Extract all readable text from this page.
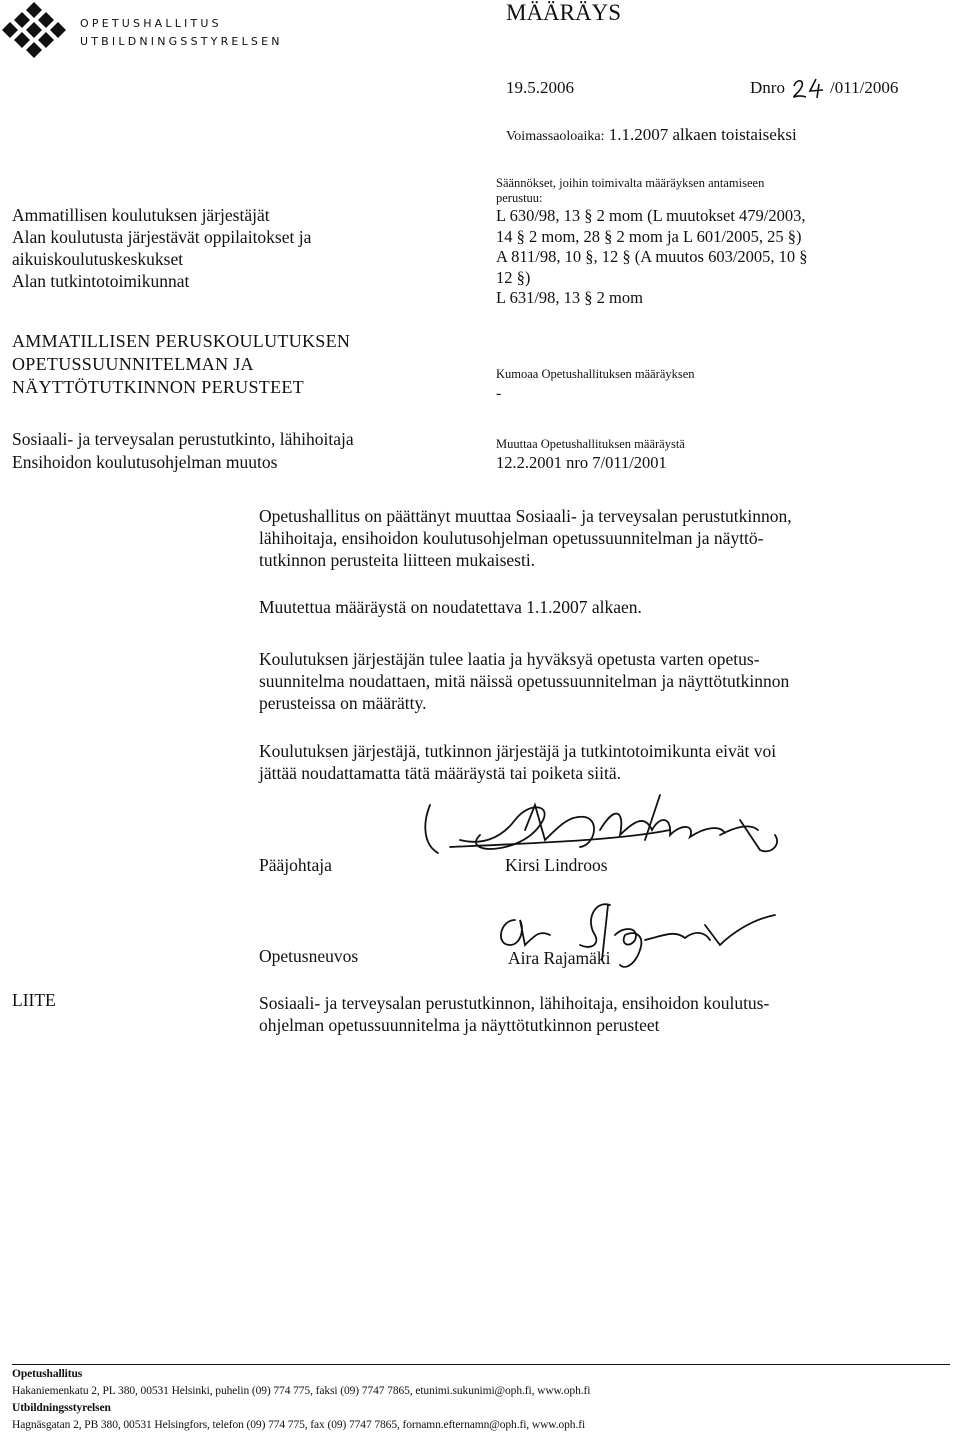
OPETUSHALLITUS
UTBILDNINGSSTYRELSEN
MÄÄRÄYS
19.5.2006	Dnro	/011/2006
Voimassaoloaika: 1.1.2007 alkaen toistaiseksi
Ammatillisen koulutuksen järjestäjät
Alan koulutusta järjestävät oppilaitokset ja
aikuiskoulutuskeskukset
Alan tutkintotoimikunnat
AMMATILLISEN PERUSKOULUTUKSEN
OPETUSSUUNNITELMAN JA
NÄYTTÖTUTKINNON PERUSTEET
Sosiaali- ja terveysalan perustutkinto, lähihoitaja
Ensihoidon koulutusohjelman muutos
Säännökset, joihin toimivalta määräyksen antamiseen
perustuu:
L 630/98, 13 § 2 mom (L muutokset 479/2003,
14 § 2 mom, 28 § 2 mom ja L 601/2005, 25 §)
A 811/98, 10 §, 12 § (A muutos 603/2005, 10 §
12 §)
L 631/98, 13 § 2 mom
Kumoaa Opetushallituksen määräyksen
-
Muuttaa Opetushallituksen määräystä
12.2.2001 nro 7/011/2001
Opetushallitus on päättänyt muuttaa Sosiaali- ja terveysalan perustutkinnon,
lähihoitaja, ensihoidon koulutusohjelman opetussuunnitelman ja näyttö-
tutkinnon perusteita liitteen mukaisesti.
Muutettua määräystä on noudatettava 1.1.2007 alkaen.
Koulutuksen järjestäjän tulee laatia ja hyväksyä opetusta varten opetus-
suunnitelma noudattaen, mitä näissä opetussuunnitelman ja näyttötutkinnon
perusteissa on määrätty.
Koulutuksen järjestäjä, tutkinnon järjestäjä ja tutkintotoimikunta eivät voi
jättää noudattamatta tätä määräystä tai poiketa siitä.
Pääjohtaja	Kirsi Lindroos
Opetusneuvos	Aira Rajamäki
LIITE	Sosiaali- ja terveysalan perustutkinnon, lähihoitaja, ensihoidon koulutus-
ohjelman opetussuunnitelma ja näyttötutkinnon perusteet
Opetushallitus
Hakaniemenkatu 2, PL 380, 00531 Helsinki, puhelin (09) 774 775, faksi (09) 7747 7865, etunimi.sukunimi@oph.fi, www.oph.fi
Utbildningsstyrelsen
Hagnäsgatan 2, PB 380, 00531 Helsingfors, telefon (09) 774 775, fax (09) 7747 7865, fornamn.efternamn@oph.fi, www.oph.fi
